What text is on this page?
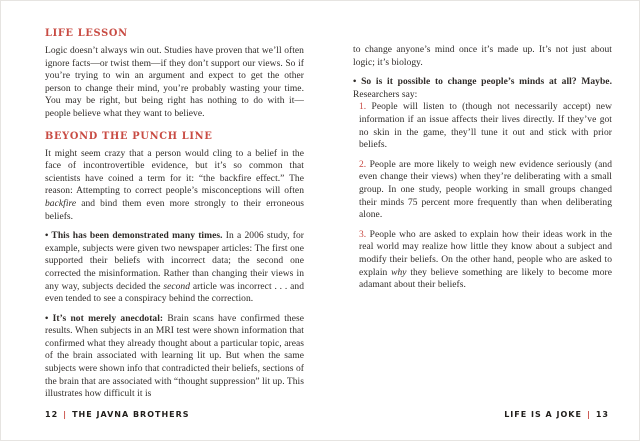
LIFE LESSON

Logic doesn’t always win out. Studies have proven that we’ll often ignore facts—or twist them—if they don’t support our views. So if you’re trying to win an argument and expect to get the other person to change their mind, you’re probably wasting your time. You may be right, but being right has nothing to do with it—people believe what they want to believe.

BEYOND THE PUNCH LINE

It might seem crazy that a person would cling to a belief in the face of incontrovertible evidence, but it’s so common that scientists have coined a term for it: “the backfire effect.” The reason: Attempting to correct people’s misconceptions will often backfire and bind them even more strongly to their erroneous beliefs.

• This has been demonstrated many times. In a 2006 study, for example, subjects were given two newspaper articles: The first one supported their beliefs with incorrect data; the second one corrected the misinformation. Rather than changing their views in any way, subjects decided the second article was incorrect . . . and even tended to see a conspiracy behind the correction.

• It’s not merely anecdotal: Brain scans have confirmed these results. When subjects in an MRI test were shown information that confirmed what they already thought about a particular topic, areas of the brain associated with learning lit up. But when the same subjects were shown info that contradicted their beliefs, sections of the brain that are associated with “thought suppression” lit up. This illustrates how difficult it is

to change anyone’s mind once it’s made up. It’s not just about logic; it’s biology.

• So is it possible to change people’s minds at all? Maybe. Researchers say:

1. People will listen to (though not necessarily accept) new information if an issue affects their lives directly. If they’ve got no skin in the game, they’ll tune it out and stick with prior beliefs.

2. People are more likely to weigh new evidence seriously (and even change their views) when they’re deliberating with a small group. In one study, people working in small groups changed their minds 75 percent more frequently than when deliberating alone.

3. People who are asked to explain how their ideas work in the real world may realize how little they know about a subject and modify their beliefs. On the other hand, people who are asked to explain why they believe something are likely to become more adamant about their beliefs.

12 | THE JAVNA BROTHERS	LIFE IS A JOKE | 13
